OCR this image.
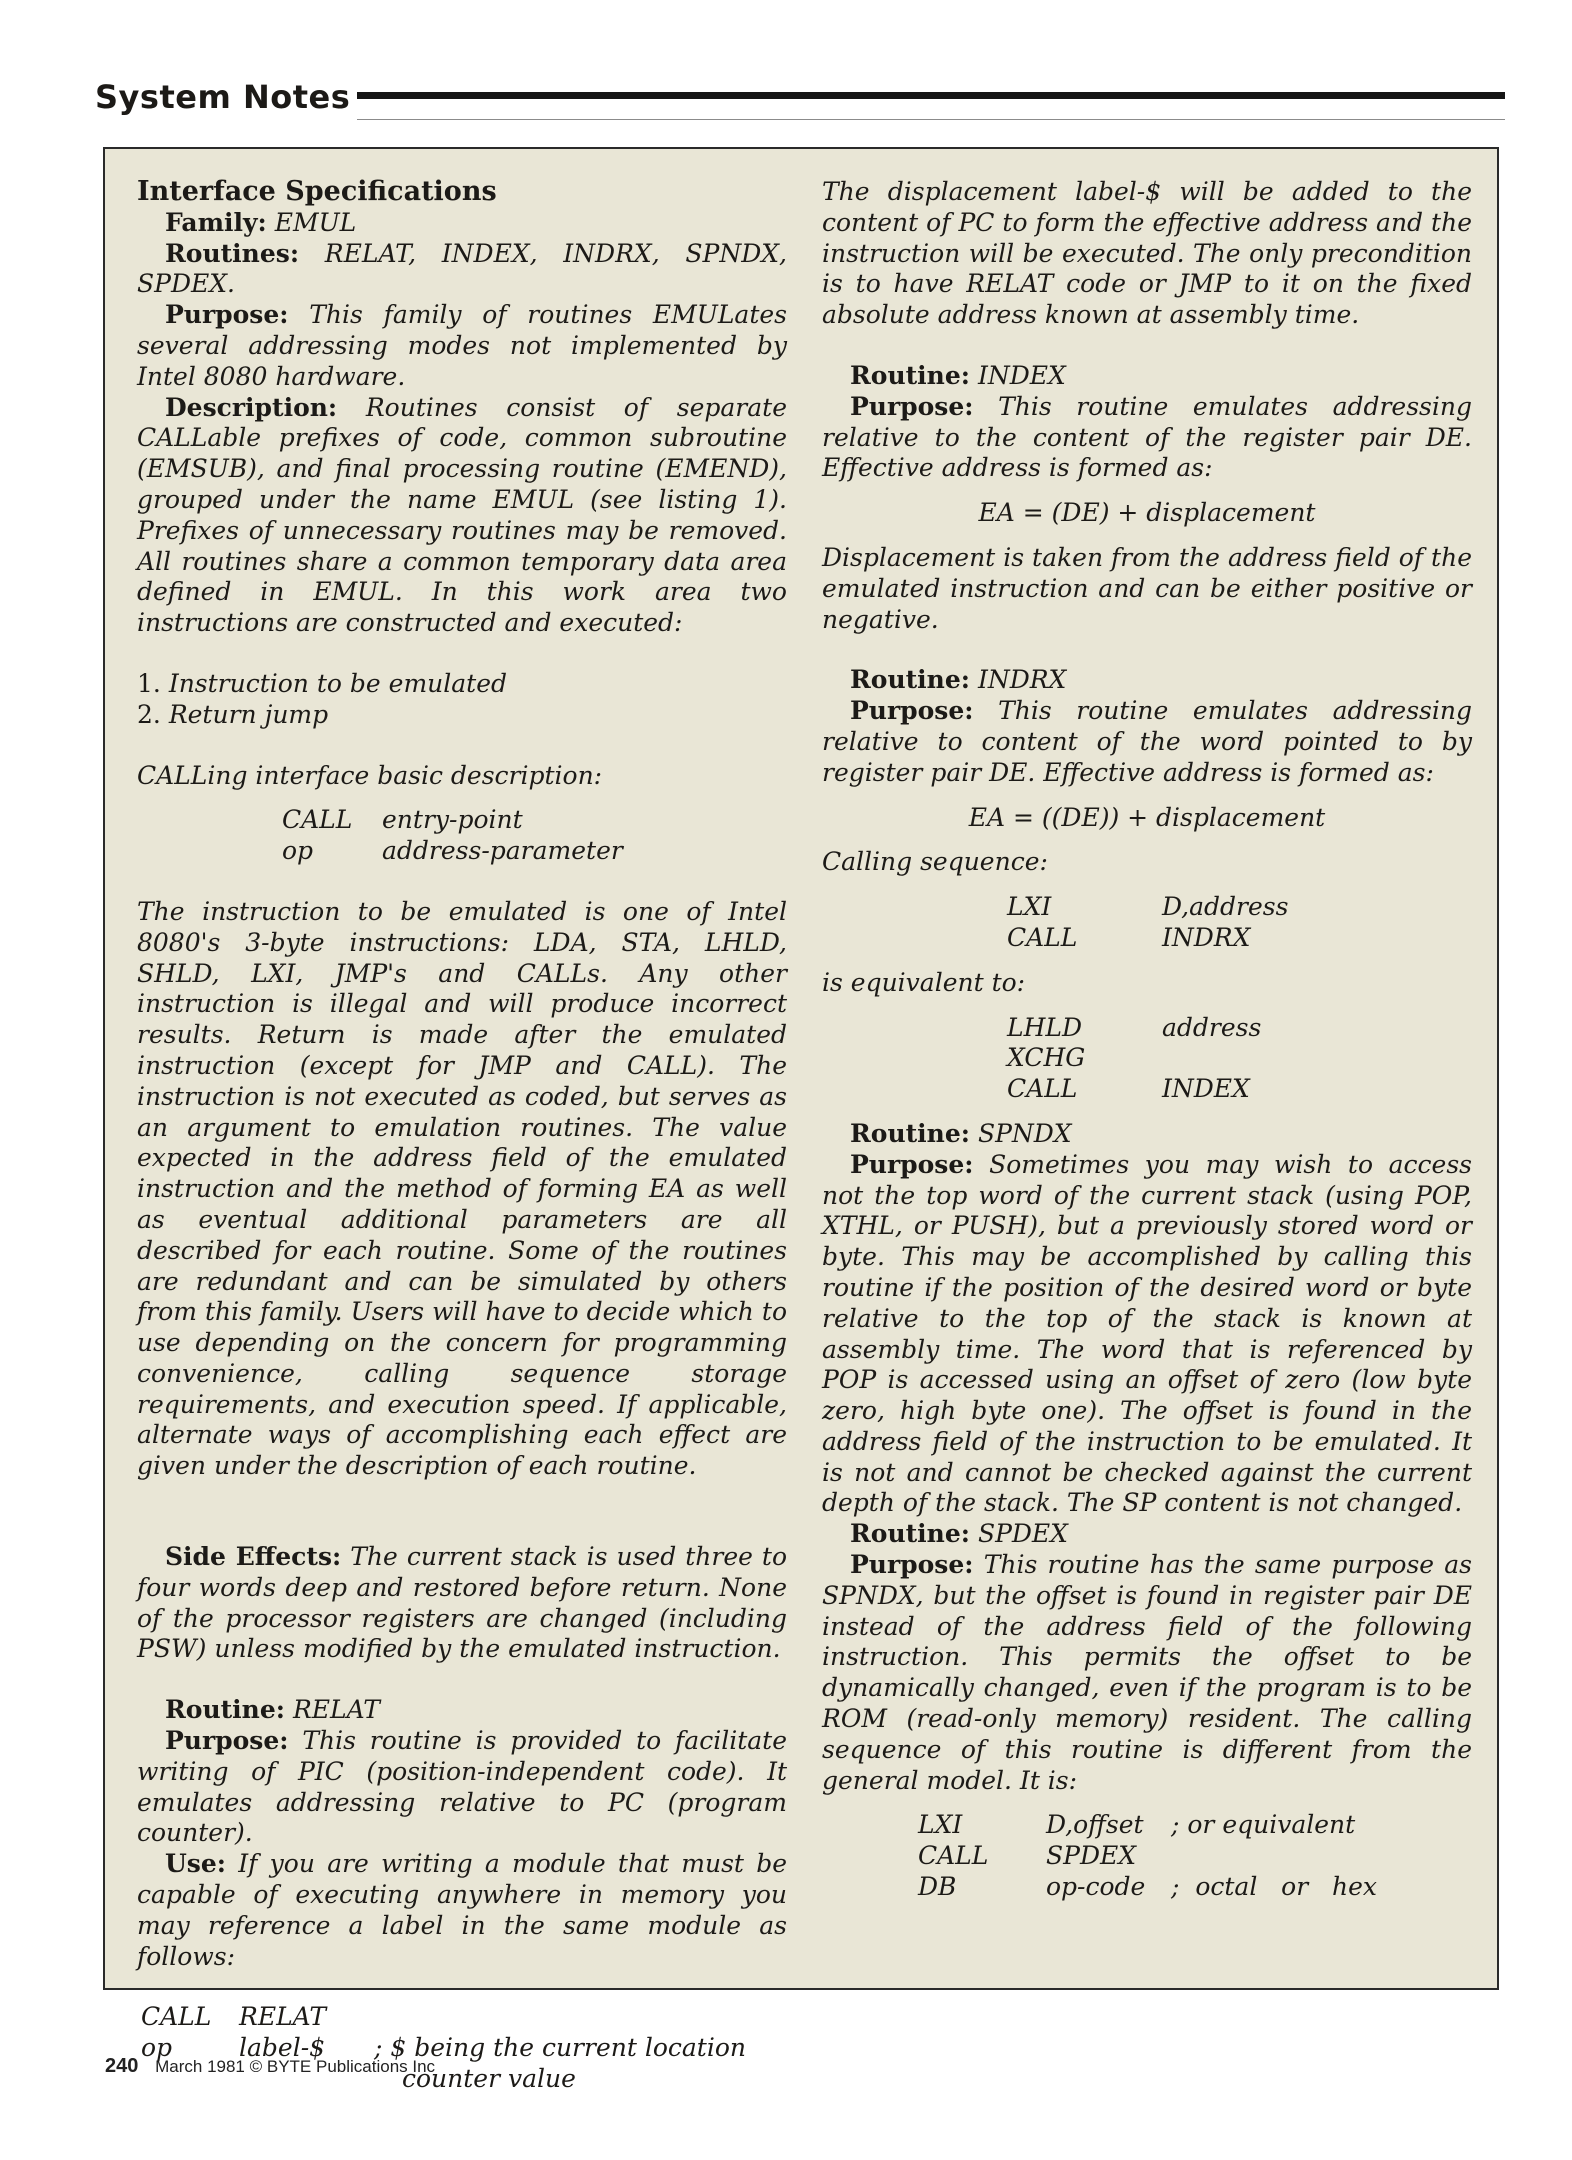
System Notes

Interface Specifications

Family: EMUL

Routines: RELAT, INDEX, INDRX, SPNDX, SPDEX.

Purpose: This family of routines EMULates several addressing modes not implemented by Intel 8080 hardware.

Description: Routines consist of separate CALLable prefixes of code, common subroutine (EMSUB), and final processing routine (EMEND), grouped under the name EMUL (see listing 1). Prefixes of unnecessary routines may be removed. All routines share a common temporary data area defined in EMUL. In this work area two instructions are constructed and executed:

1. Instruction to be emulated

2. Return jump

CALLing interface basic description:

CALL	entry-point
op	address-parameter

The instruction to be emulated is one of Intel 8080's 3-byte instructions: LDA, STA, LHLD, SHLD, LXI, JMP's and CALLs. Any other instruction is illegal and will produce incorrect results. Return is made after the emulated instruction (except for JMP and CALL). The instruction is not executed as coded, but serves as an argument to emulation routines. The value expected in the address field of the emulated instruction and the method of forming EA as well as eventual additional parameters are all described for each routine. Some of the routines are redundant and can be simulated by others from this family. Users will have to decide which to use depending on the concern for programming convenience, calling sequence storage requirements, and execution speed. If applicable, alternate ways of accomplishing each effect are given under the description of each routine.

Side Effects: The current stack is used three to four words deep and restored before return. None of the processor registers are changed (including PSW) unless modified by the emulated instruction.

Routine: RELAT

Purpose: This routine is provided to facilitate writing of PIC (position-independent code). It emulates addressing relative to PC (program counter).

Use: If you are writing a module that must be capable of executing anywhere in memory you may reference a label in the same module as follows:

CALL	RELAT
op	label-$	; $ being the current location
counter value

The displacement label-$ will be added to the content of PC to form the effective address and the instruction will be executed. The only precondition is to have RELAT code or JMP to it on the fixed absolute address known at assembly time.

Routine: INDEX

Purpose: This routine emulates addressing relative to the content of the register pair DE. Effective address is formed as:

EA = (DE) + displacement

Displacement is taken from the address field of the emulated instruction and can be either positive or negative.

Routine: INDRX

Purpose: This routine emulates addressing relative to content of the word pointed to by register pair DE. Effective address is formed as:

EA = ((DE)) + displacement

Calling sequence:

LXI	D,address
CALL	INDRX

is equivalent to:

LHLD	address
XCHG
CALL	INDEX

Routine: SPNDX

Purpose: Sometimes you may wish to access not the top word of the current stack (using POP, XTHL, or PUSH), but a previously stored word or byte. This may be accomplished by calling this routine if the position of the desired word or byte relative to the top of the stack is known at assembly time. The word that is referenced by POP is accessed using an offset of zero (low byte zero, high byte one). The offset is found in the address field of the instruction to be emulated. It is not and cannot be checked against the current depth of the stack. The SP content is not changed.

Routine: SPDEX

Purpose: This routine has the same purpose as SPNDX, but the offset is found in register pair DE instead of the address field of the following instruction. This permits the offset to be dynamically changed, even if the program is to be ROM (read-only memory) resident. The calling sequence of this routine is different from the general model. It is:

LXI	D,offset	; or equivalent
CALL	SPDEX
DB	op-code	;  octal   or   hex
240 March 1981 © BYTE Publications Inc
